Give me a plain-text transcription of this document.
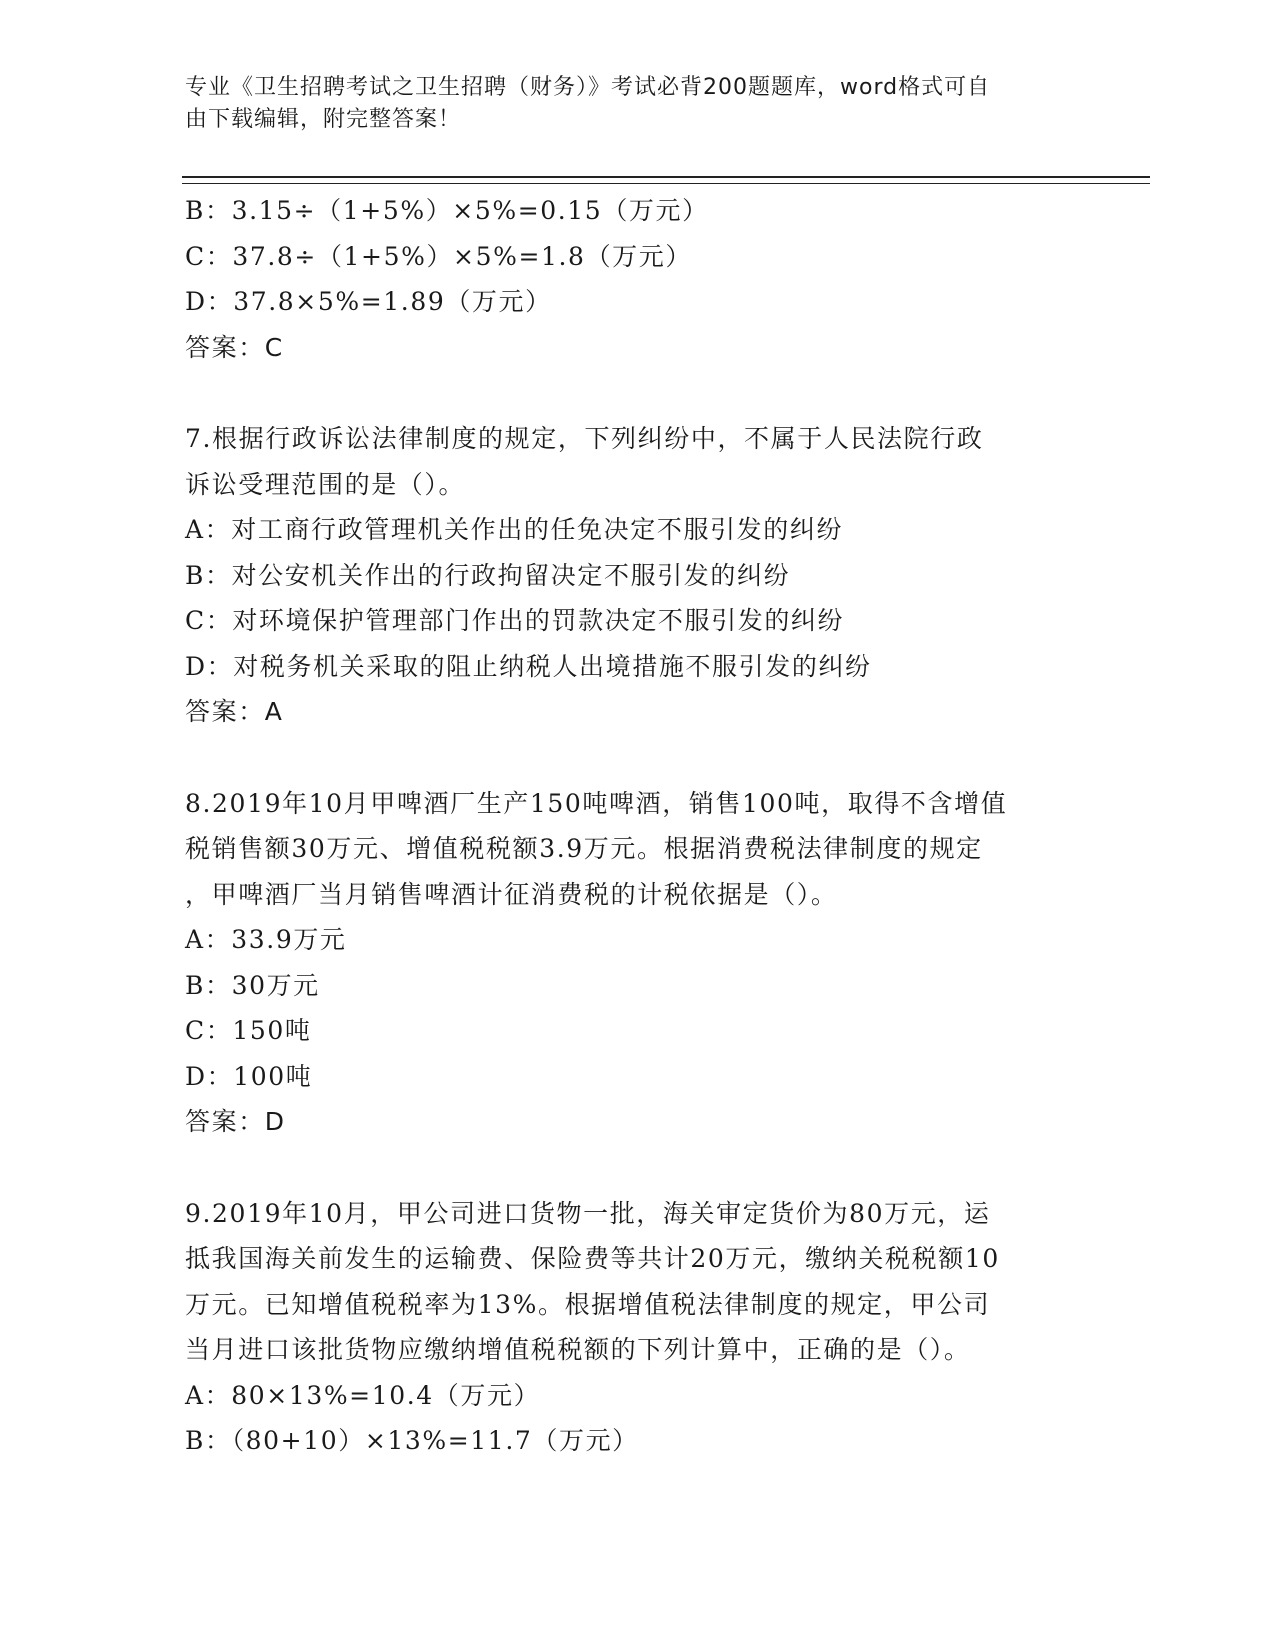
专业《卫生招聘考试之卫生招聘（财务）》考试必背200题题库，word格式可自
由下载编辑，附完整答案！
B：3.15÷（1+5%）×5%=0.15（万元）
C：37.8÷（1+5%）×5%=1.8（万元）
D：37.8×5%=1.89（万元）
答案：C
7.根据行政诉讼法律制度的规定，下列纠纷中，不属于人民法院行政
诉讼受理范围的是（）。
A：对工商行政管理机关作出的任免决定不服引发的纠纷
B：对公安机关作出的行政拘留决定不服引发的纠纷
C：对环境保护管理部门作出的罚款决定不服引发的纠纷
D：对税务机关采取的阻止纳税人出境措施不服引发的纠纷
答案：A
8.2019年10月甲啤酒厂生产150吨啤酒，销售100吨，取得不含增值
税销售额30万元、增值税税额3.9万元。根据消费税法律制度的规定
，甲啤酒厂当月销售啤酒计征消费税的计税依据是（）。
A：33.9万元
B：30万元
C：150吨
D：100吨
答案：D
9.2019年10月，甲公司进口货物一批，海关审定货价为80万元，运
抵我国海关前发生的运输费、保险费等共计20万元，缴纳关税税额10
万元。已知增值税税率为13%。根据增值税法律制度的规定，甲公司
当月进口该批货物应缴纳增值税税额的下列计算中，正确的是（）。
A：80×13%=10.4（万元）
B：（80+10）×13%=11.7（万元）
